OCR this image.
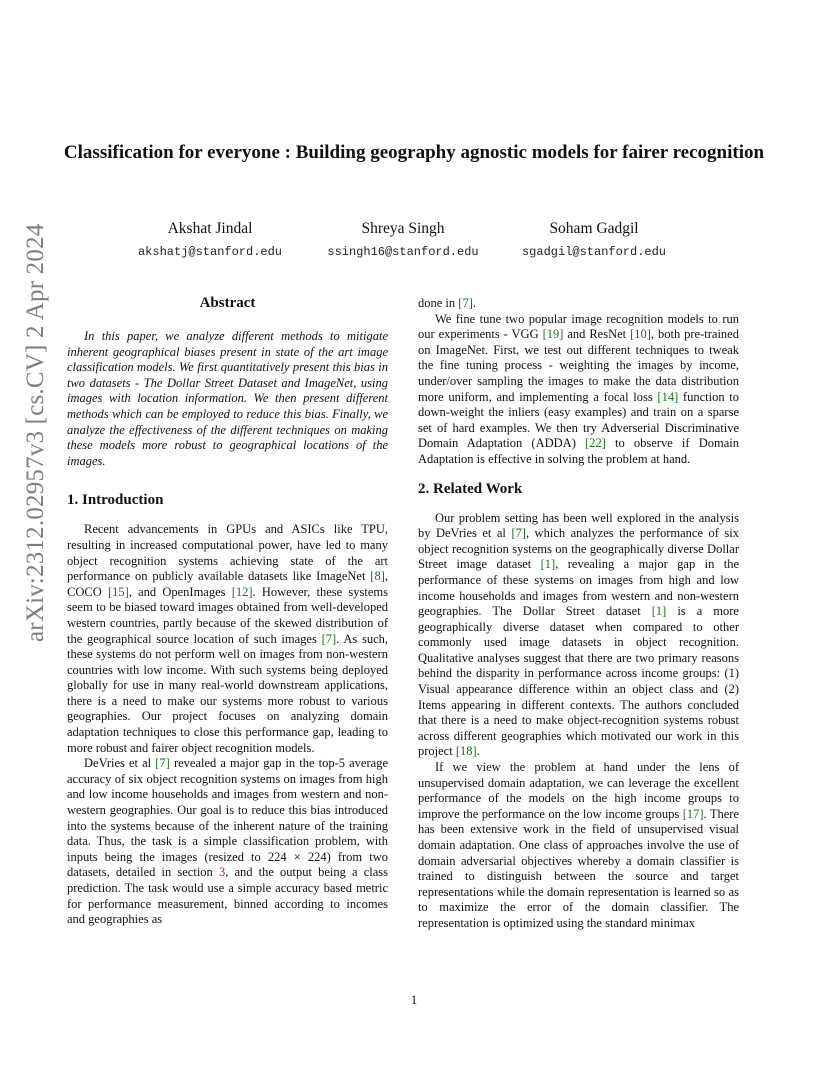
Classification for everyone : Building geography agnostic models for fairer recognition
Akshat Jindal
akshatj@stanford.edu
Shreya Singh
ssingh16@stanford.edu
Soham Gadgil
sgadgil@stanford.edu
arXiv:2312.02957v3 [cs.CV] 2 Apr 2024	Abstract

In this paper, we analyze different methods to mitigate inherent geographical biases present in state of the art image classification models. We first quantitatively present this bias in two datasets - The Dollar Street Dataset and ImageNet, using images with location information. We then present different methods which can be employed to reduce this bias. Finally, we analyze the effectiveness of the different techniques on making these models more robust to geographical locations of the images.

1. Introduction

Recent advancements in GPUs and ASICs like TPU, resulting in increased computational power, have led to many object recognition systems achieving state of the art performance on publicly available datasets like ImageNet [8], COCO [15], and OpenImages [12]. However, these systems seem to be biased toward images obtained from well-developed western countries, partly because of the skewed distribution of the geographical source location of such images [7]. As such, these systems do not perform well on images from non-western countries with low income. With such systems being deployed globally for use in many real-world downstream applications, there is a need to make our systems more robust to various geographies. Our project focuses on analyzing domain adaptation techniques to close this performance gap, leading to more robust and fairer object recognition models.

DeVries et al [7] revealed a major gap in the top-5 average accuracy of six object recognition systems on images from high and low income households and images from western and non-western geographies. Our goal is to reduce this bias introduced into the systems because of the inherent nature of the training data. Thus, the task is a simple classification problem, with inputs being the images (resized to 224 × 224) from two datasets, detailed in section 3, and the output being a class prediction. The task would use a simple accuracy based metric for performance measurement, binned according to incomes and geographies as

done in [7].

We fine tune two popular image recognition models to run our experiments - VGG [19] and ResNet [10], both pre-trained on ImageNet. First, we test out different techniques to tweak the fine tuning process - weighting the images by income, under/over sampling the images to make the data distribution more uniform, and implementing a focal loss [14] function to down-weight the inliers (easy examples) and train on a sparse set of hard examples. We then try Adverserial Discriminative Domain Adaptation (ADDA) [22] to observe if Domain Adaptation is effective in solving the problem at hand.

2. Related Work

Our problem setting has been well explored in the analysis by DeVries et al [7], which analyzes the performance of six object recognition systems on the geographically diverse Dollar Street image dataset [1], revealing a major gap in the performance of these systems on images from high and low income households and images from western and non-western geographies. The Dollar Street dataset [1] is a more geographically diverse dataset when compared to other commonly used image datasets in object recognition. Qualitative analyses suggest that there are two primary reasons behind the disparity in performance across income groups: (1) Visual appearance difference within an object class and (2) Items appearing in different contexts. The authors concluded that there is a need to make object-recognition systems robust across different geographies which motivated our work in this project [18].

If we view the problem at hand under the lens of unsupervised domain adaptation, we can leverage the excellent performance of the models on the high income groups to improve the performance on the low income groups [17]. There has been extensive work in the field of unsupervised visual domain adaptation. One class of approaches involve the use of domain adversarial objectives whereby a domain classifier is trained to distinguish between the source and target representations while the domain representation is learned so as to maximize the error of the domain classifier. The representation is optimized using the standard minimax

1
